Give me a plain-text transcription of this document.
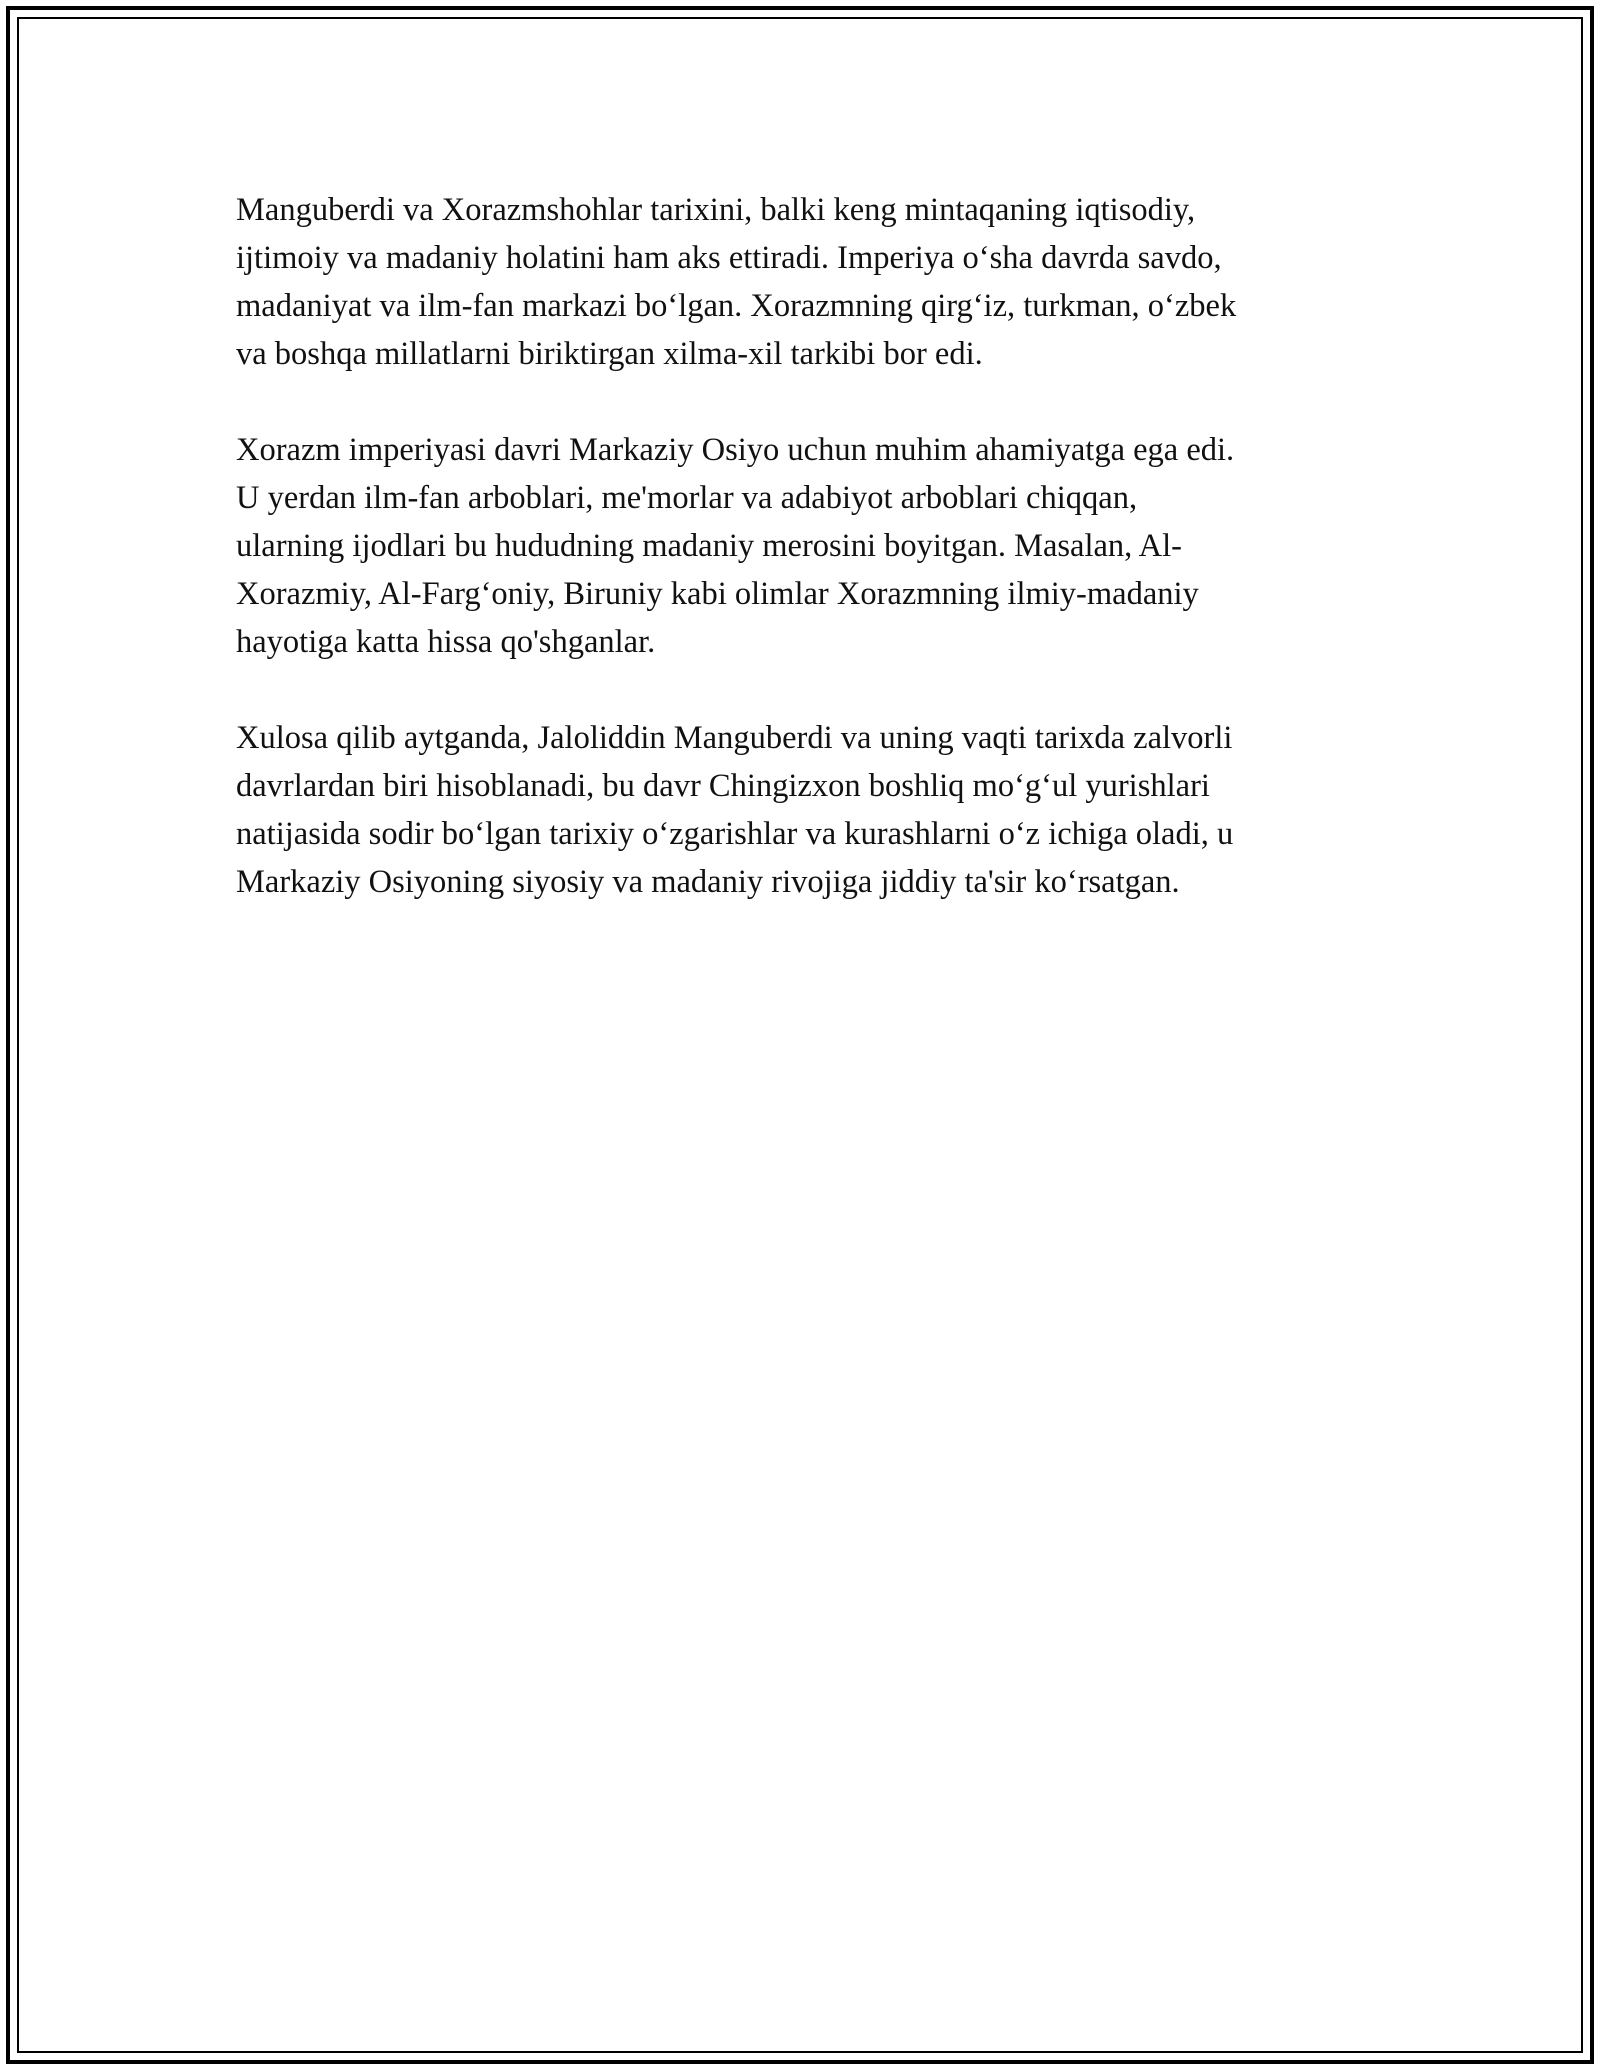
Manguberdi va Xorazmshohlar tarixini, balki keng mintaqaning iqtisodiy,
ijtimoiy va madaniy holatini ham aks ettiradi. Imperiya o‘sha davrda savdo,
madaniyat va ilm-fan markazi bo‘lgan. Xorazmning qirg‘iz, turkman, o‘zbek
va boshqa millatlarni biriktirgan xilma-xil tarkibi bor edi.

Xorazm imperiyasi davri Markaziy Osiyo uchun muhim ahamiyatga ega edi.
U yerdan ilm-fan arboblari, me'morlar va adabiyot arboblari chiqqan,
ularning ijodlari bu hududning madaniy merosini boyitgan. Masalan, Al-
Xorazmiy, Al-Farg‘oniy, Biruniy kabi olimlar Xorazmning ilmiy-madaniy
hayotiga katta hissa qo'shganlar.

Xulosa qilib aytganda, Jaloliddin Manguberdi va uning vaqti tarixda zalvorli
davrlardan biri hisoblanadi, bu davr Chingizxon boshliq mo‘g‘ul yurishlari
natijasida sodir bo‘lgan tarixiy o‘zgarishlar va kurashlarni o‘z ichiga oladi, u
Markaziy Osiyoning siyosiy va madaniy rivojiga jiddiy ta'sir ko‘rsatgan.
